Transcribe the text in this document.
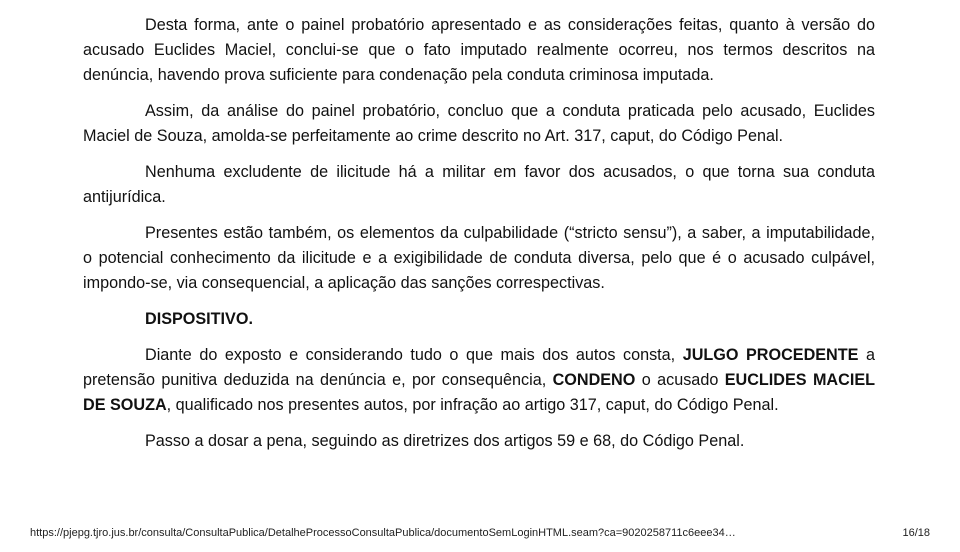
Desta forma, ante o painel probatório apresentado e as considerações feitas, quanto à versão do acusado Euclides Maciel, conclui-se que o fato imputado realmente ocorreu, nos termos descritos na denúncia, havendo prova suficiente para condenação pela conduta criminosa imputada.

Assim, da análise do painel probatório, concluo que a conduta praticada pelo acusado, Euclides Maciel de Souza, amolda-se perfeitamente ao crime descrito no Art. 317, caput, do Código Penal.

Nenhuma excludente de ilicitude há a militar em favor dos acusados, o que torna sua conduta antijurídica.

Presentes estão também, os elementos da culpabilidade (“stricto sensu”), a saber, a imputabilidade, o potencial conhecimento da ilicitude e a exigibilidade de conduta diversa, pelo que é o acusado culpável, impondo-se, via consequencial, a aplicação das sanções correspectivas.

DISPOSITIVO.

Diante do exposto e considerando tudo o que mais dos autos consta, JULGO PROCEDENTE a pretensão punitiva deduzida na denúncia e, por consequência, CONDENO o acusado EUCLIDES MACIEL DE SOUZA, qualificado nos presentes autos, por infração ao artigo 317, caput, do Código Penal.

Passo a dosar a pena, seguindo as diretrizes dos artigos 59 e 68, do Código Penal.

https://pjepg.tjro.jus.br/consulta/ConsultaPublica/DetalheProcessoConsultaPublica/documentoSemLoginHTML.seam?ca=9020258711c6eee34…	16/18
